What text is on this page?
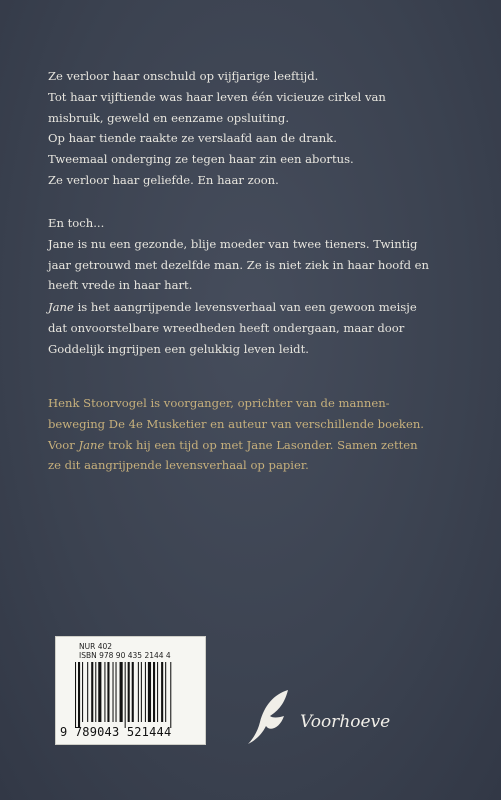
Ze verloor haar onschuld op vijfjarige leeftijd.

Tot haar vijftiende was haar leven één vicieuze cirkel van

misbruik, geweld en eenzame opsluiting.

Op haar tiende raakte ze verslaafd aan de drank.

Tweemaal onderging ze tegen haar zin een abortus.

Ze verloor haar geliefde. En haar zoon.

En toch...

Jane is nu een gezonde, blije moeder van twee tieners. Twintig

jaar getrouwd met dezelfde man. Ze is niet ziek in haar hoofd en

heeft vrede in haar hart.

Jane is het aangrijpende levensverhaal van een gewoon meisje

dat onvoorstelbare wreedheden heeft ondergaan, maar door

Goddelijk ingrijpen een gelukkig leven leidt.

Henk Stoorvogel is voorganger, oprichter van de mannen-

beweging De 4e Musketier en auteur van verschillende boeken.

Voor Jane trok hij een tijd op met Jane Lasonder. Samen zetten

ze dit aangrijpende levensverhaal op papier.

NUR 402
ISBN 978 90 435 2144 4
9 789043 521444	Voorhoeve
